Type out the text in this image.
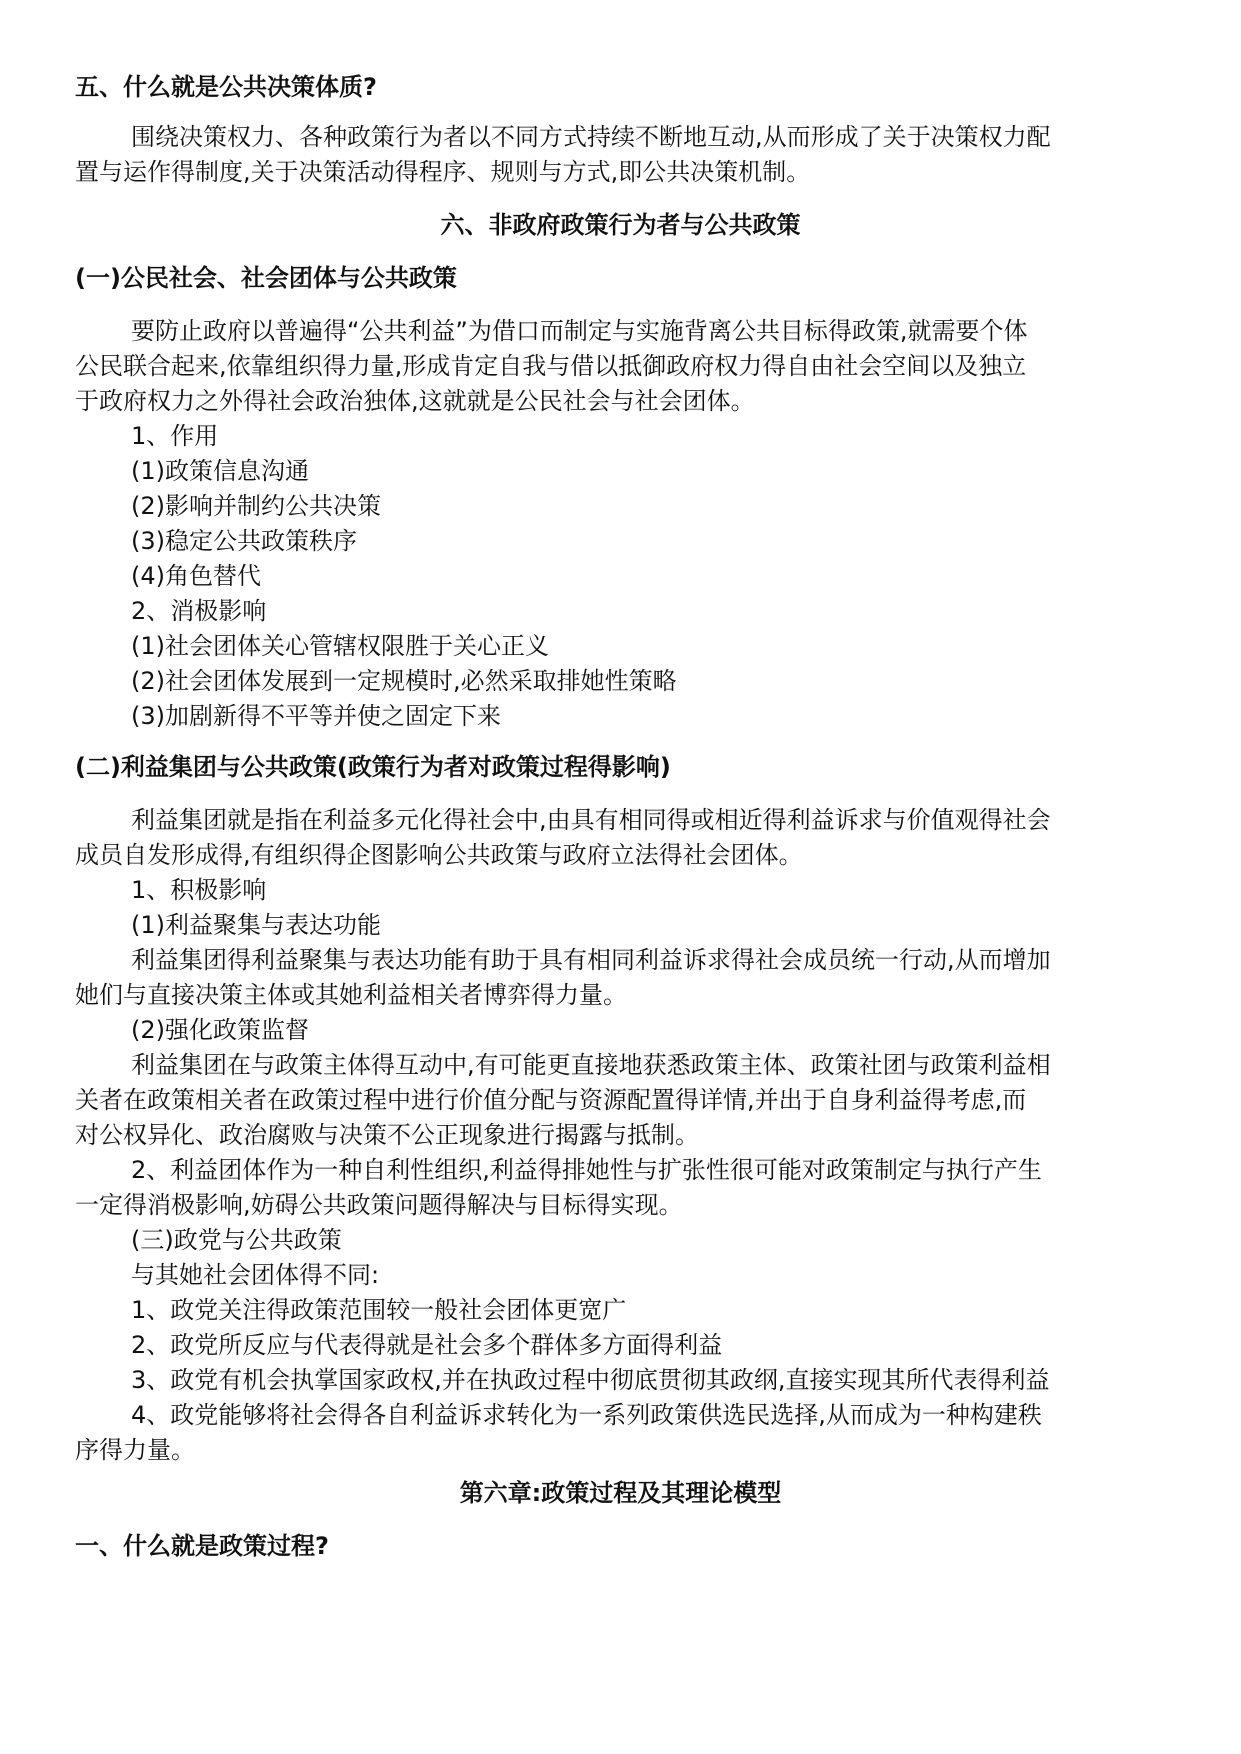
五、什么就是公共决策体质?

围绕决策权力、各种政策行为者以不同方式持续不断地互动,从而形成了关于决策权力配

置与运作得制度,关于决策活动得程序、规则与方式,即公共决策机制。

六、非政府政策行为者与公共政策

(一)公民社会、社会团体与公共政策

要防止政府以普遍得“公共利益”为借口而制定与实施背离公共目标得政策,就需要个体

公民联合起来,依靠组织得力量,形成肯定自我与借以抵御政府权力得自由社会空间以及独立

于政府权力之外得社会政治独体,这就就是公民社会与社会团体。

1、作用

(1)政策信息沟通

(2)影响并制约公共决策

(3)稳定公共政策秩序

(4)角色替代

2、消极影响

(1)社会团体关心管辖权限胜于关心正义

(2)社会团体发展到一定规模时,必然采取排她性策略

(3)加剧新得不平等并使之固定下来

(二)利益集团与公共政策(政策行为者对政策过程得影响)

利益集团就是指在利益多元化得社会中,由具有相同得或相近得利益诉求与价值观得社会

成员自发形成得,有组织得企图影响公共政策与政府立法得社会团体。

1、积极影响

(1)利益聚集与表达功能

利益集团得利益聚集与表达功能有助于具有相同利益诉求得社会成员统一行动,从而增加

她们与直接决策主体或其她利益相关者博弈得力量。

(2)强化政策监督

利益集团在与政策主体得互动中,有可能更直接地获悉政策主体、政策社团与政策利益相

关者在政策相关者在政策过程中进行价值分配与资源配置得详情,并出于自身利益得考虑,而

对公权异化、政治腐败与决策不公正现象进行揭露与抵制。

2、利益团体作为一种自利性组织,利益得排她性与扩张性很可能对政策制定与执行产生

一定得消极影响,妨碍公共政策问题得解决与目标得实现。

(三)政党与公共政策

与其她社会团体得不同:

1、政党关注得政策范围较一般社会团体更宽广

2、政党所反应与代表得就是社会多个群体多方面得利益

3、政党有机会执掌国家政权,并在执政过程中彻底贯彻其政纲,直接实现其所代表得利益

4、政党能够将社会得各自利益诉求转化为一系列政策供选民选择,从而成为一种构建秩

序得力量。

第六章:政策过程及其理论模型

一、什么就是政策过程?
